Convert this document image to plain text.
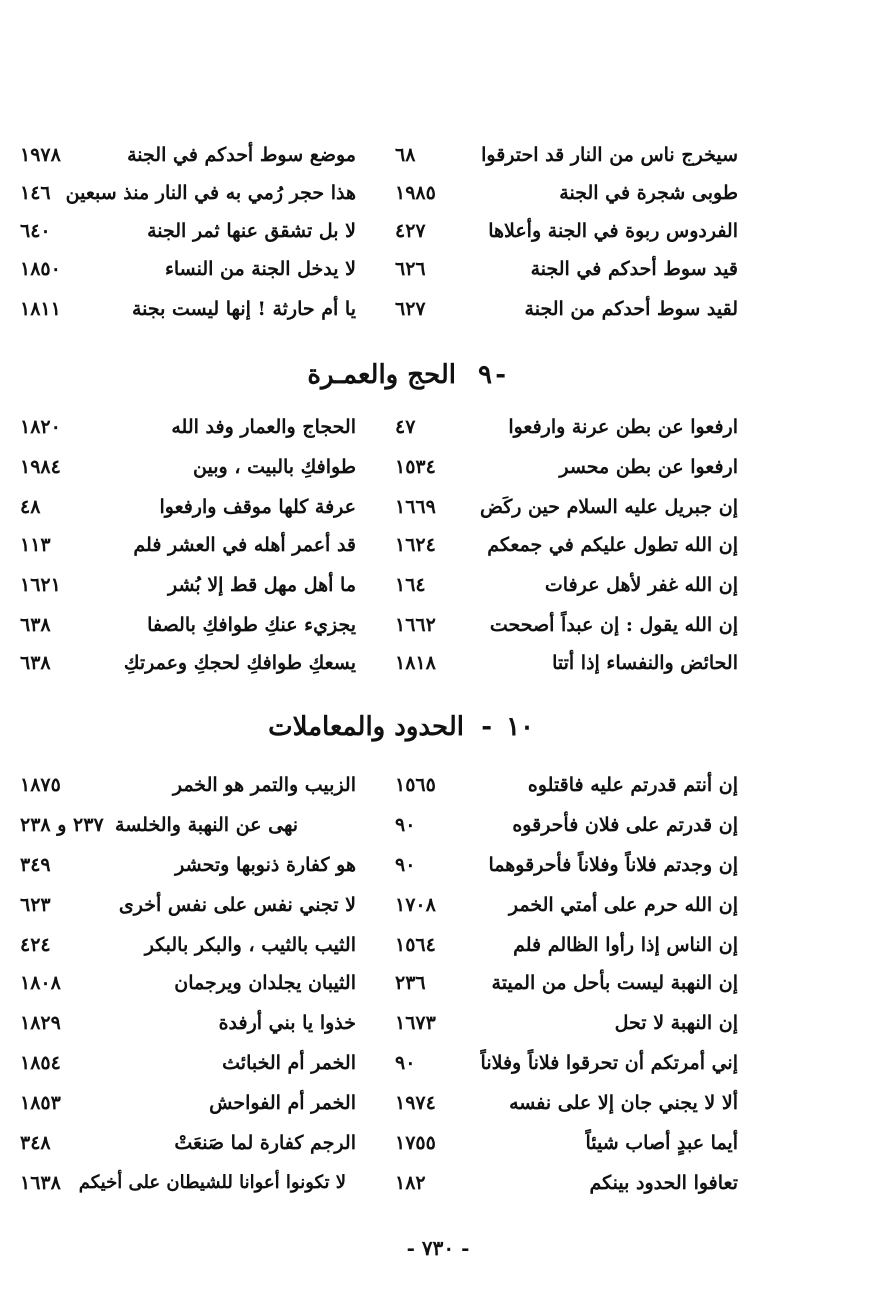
سيخرج ناس من النار قد احترقوا
٦٨
موضع سوط أحدكم في الجنة
١٩٧٨
طوبى شجرة في الجنة
١٩٨٥
هذا حجر رُمي به في النار منذ سبعين
١٤٦
الفردوس ربوة في الجنة وأعلاها
٤٢٧
لا بل تشقق عنها ثمر الجنة
٦٤٠
قيد سوط أحدكم في الجنة
٦٢٦
لا يدخل الجنة من النساء
١٨٥٠
لقيد سوط أحدكم من الجنة
٦٢٧
يا أم حارثة ! إنها ليست بجنة
١٨١١
٩ -
الحج والعمـرة
ارفعوا عن بطن عرنة وارفعوا
٤٧
الحجاج والعمار وفد الله
١٨٢٠
ارفعوا عن بطن محسر
١٥٣٤
طوافكِ بالبيت ، وبين
١٩٨٤
إن جبريل عليه السلام حين ركَض
١٦٦٩
عرفة كلها موقف وارفعوا
٤٨
إن الله تطول عليكم في جمعكم
١٦٢٤
قد أعمر أهله في العشر فلم
١١٣
إن الله غفر لأهل عرفات
١٦٤
ما أهل مهل قط إلا بُشر
١٦٢١
إن الله يقول : إن عبداً أصححت
١٦٦٢
يجزيء عنكِ طوافكِ بالصفا
٦٣٨
الحائض والنفساء إذا أتتا
١٨١٨
يسعكِ طوافكِ لحجكِ وعمرتكِ
٦٣٨
١٠
-
الحدود والمعاملات
إن أنتم قدرتم عليه فاقتلوه
١٥٦٥
الزبيب والتمر هو الخمر
١٨٧٥
إن قدرتم على فلان فأحرقوه
٩٠
نهى عن النهبة والخلسة
٢٣٧ و ٢٣٨
إن وجدتم فلاناً وفلاناً فأحرقوهما
٩٠
هو كفارة ذنوبها وتحشر
٣٤٩
إن الله حرم على أمتي الخمر
١٧٠٨
لا تجني نفس على نفس أخرى
٦٢٣
إن الناس إذا رأوا الظالم فلم
١٥٦٤
الثيب بالثيب ، والبكر بالبكر
٤٢٤
إن النهبة ليست بأحل من الميتة
٢٣٦
الثيبان يجلدان ويرجمان
١٨٠٨
إن النهبة لا تحل
١٦٧٣
خذوا يا بني أرفدة
١٨٢٩
إني أمرتكم أن تحرقوا فلاناً وفلاناً
٩٠
الخمر أم الخبائث
١٨٥٤
ألا لا يجني جان إلا على نفسه
١٩٧٤
الخمر أم الفواحش
١٨٥٣
أيما عبدٍ أصاب شيئاً
١٧٥٥
الرجم كفارة لما صَنعَتْ
٣٤٨
تعافوا الحدود بينكم
١٨٢
لا تكونوا أعوانا للشيطان على أخيكم
١٦٣٨
- ٧٣٠ -
